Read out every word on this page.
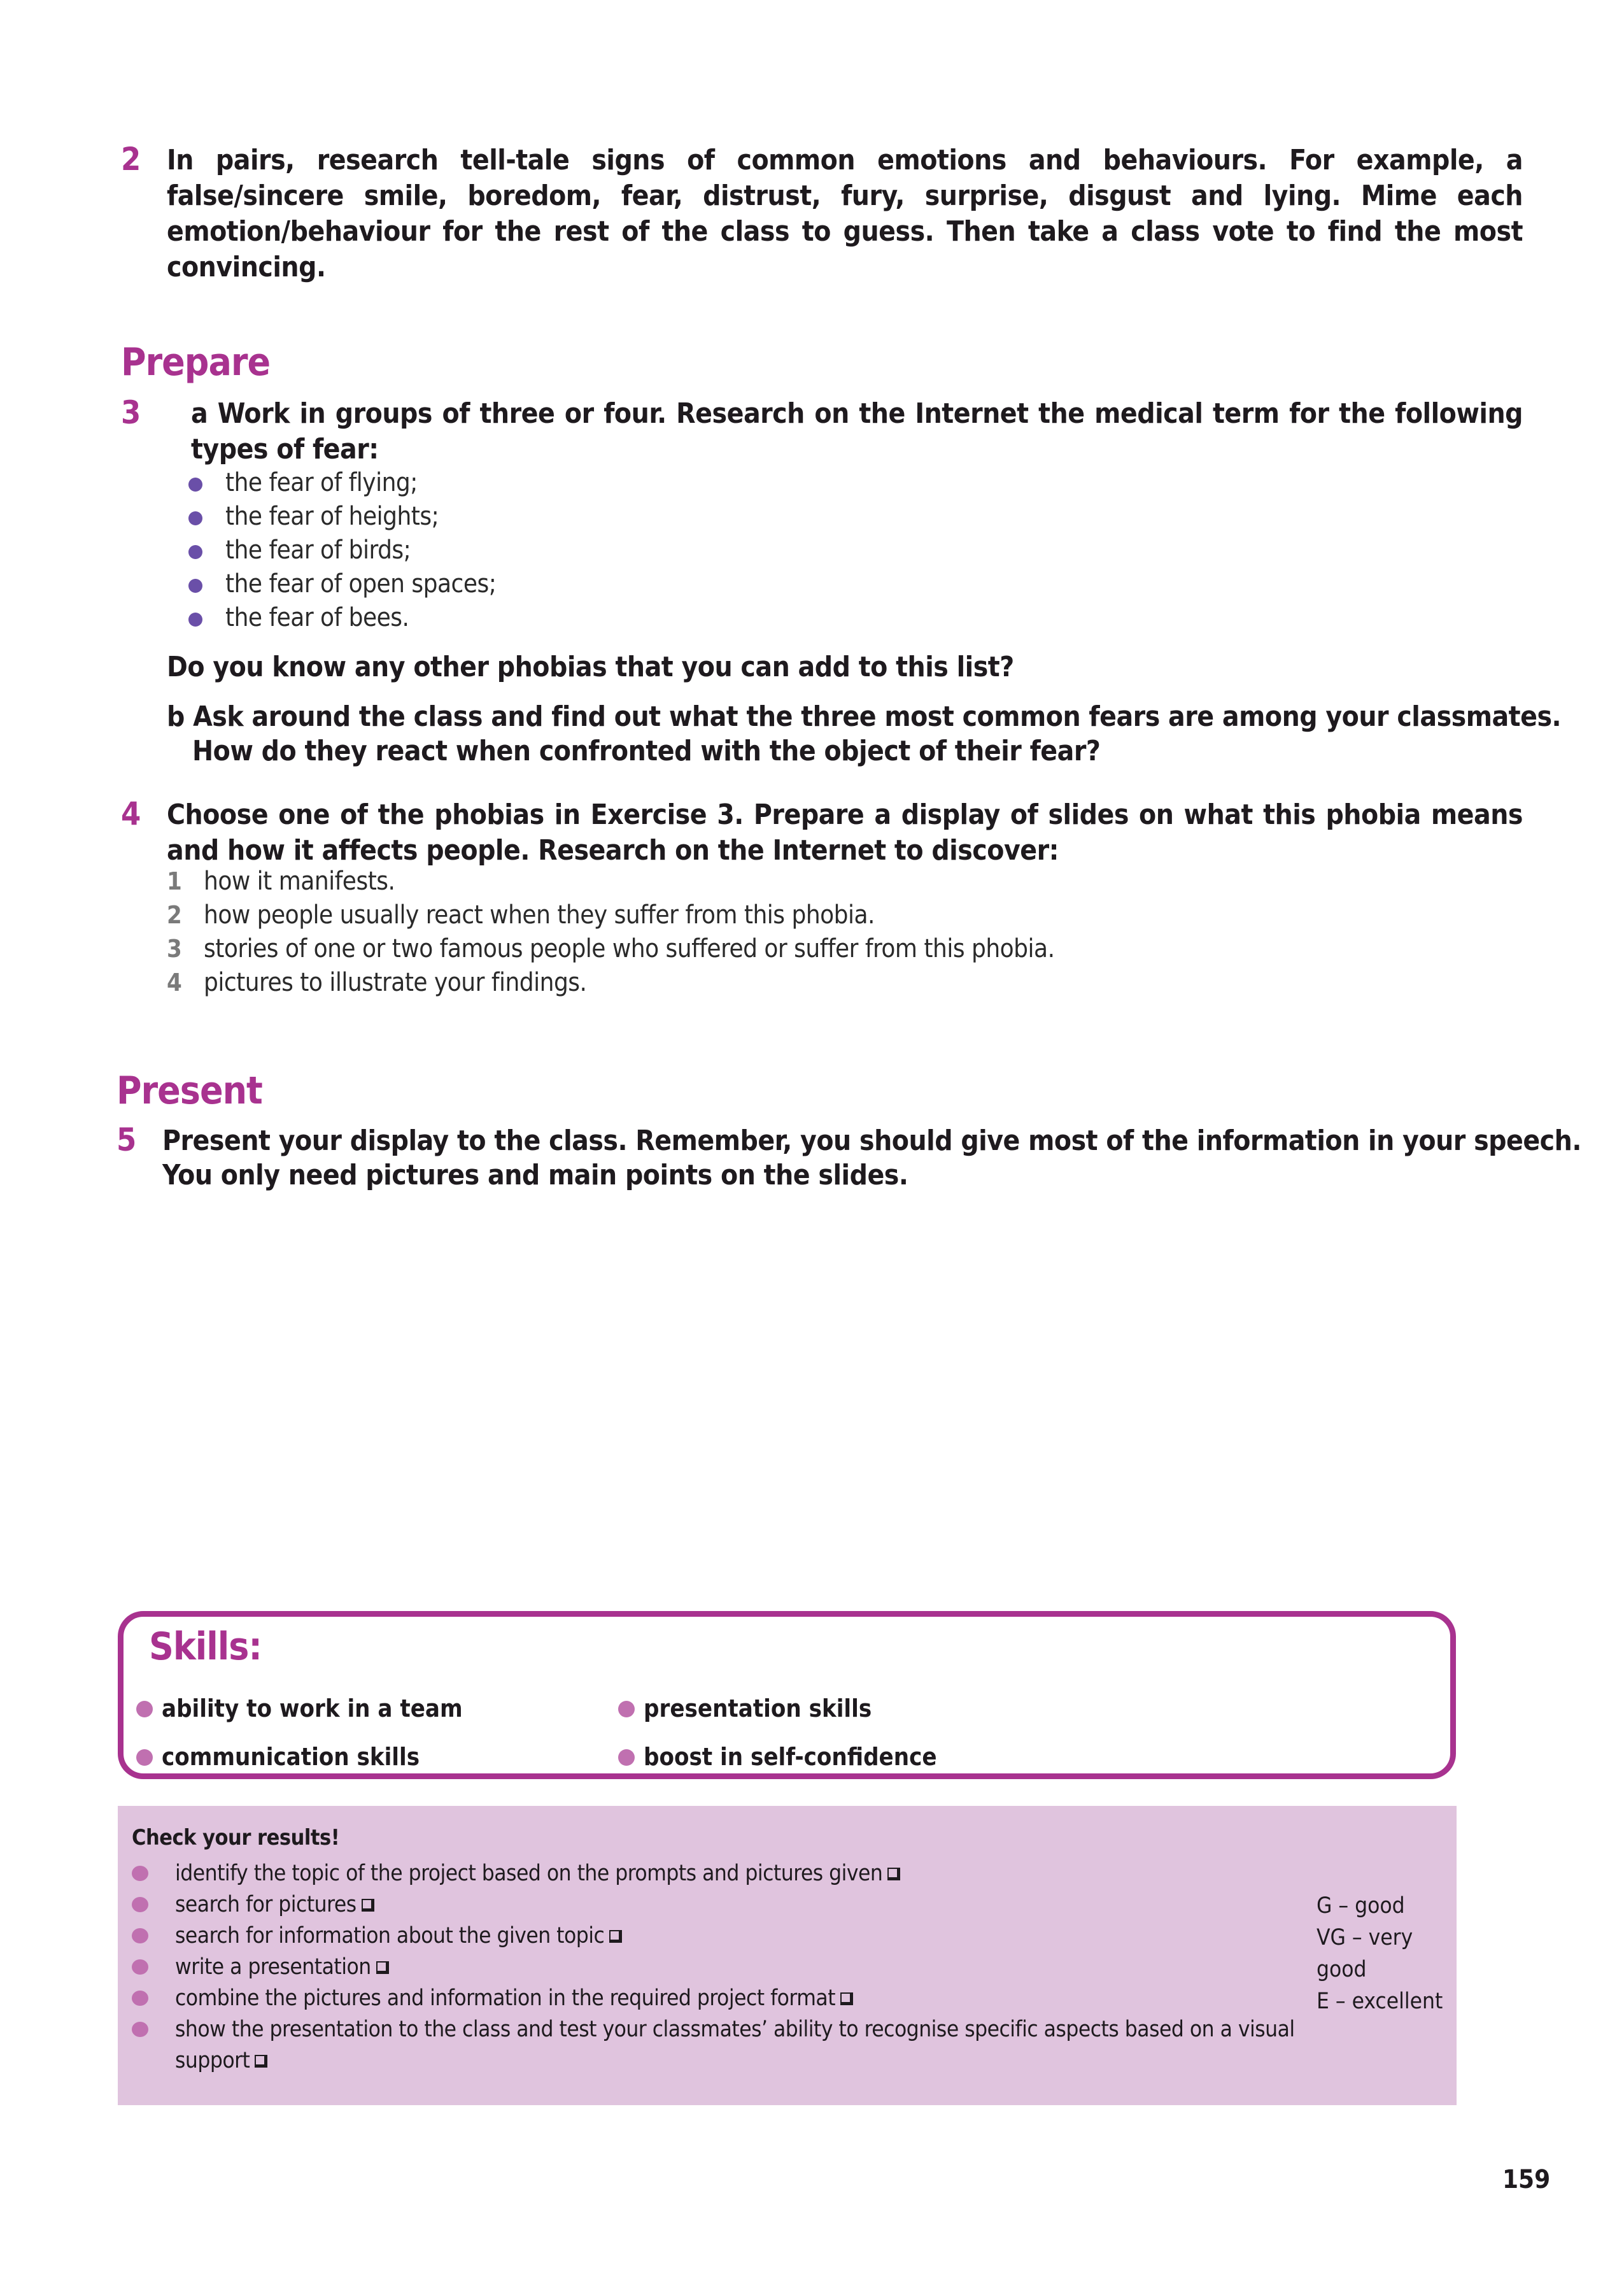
2 In pairs, research tell-tale signs of common emotions and behaviours. For example, a false/sincere smile, boredom, fear, distrust, fury, surprise, disgust and lying. Mime each emotion/behaviour for the rest of the class to guess. Then take a class vote to find the most convincing.
Prepare
3	a Work in groups of three or four. Research on the Internet the medical term for the following types of fear:
the fear of flying;
the fear of heights;
the fear of birds;
the fear of open spaces;
the fear of bees.
Do you know any other phobias that you can add to this list?
b Ask around the class and find out what the three most common fears are among your classmates.
How do they react when confronted with the object of their fear?
4 Choose one of the phobias in Exercise 3. Prepare a display of slides on what this phobia means and how it affects people. Research on the Internet to discover:
1 how it manifests.
2 how people usually react when they suffer from this phobia.
3 stories of one or two famous people who suffered or suffer from this phobia.
4 pictures to illustrate your findings.
Present
5 Present your display to the class. Remember, you should give most of the information in your speech.
You only need pictures and main points on the slides.
Skills:
ability to work in a team	presentation skills
communication skills	boost in self-confidence
Check your results!
identify the topic of the project based on the prompts and pictures given
search for pictures
search for information about the given topic
write a presentation
combine the pictures and information in the required project format
show the presentation to the class and test your classmates’ ability to recognise specific aspects based on a visual support
G – good
VG – very good
E – excellent
159
